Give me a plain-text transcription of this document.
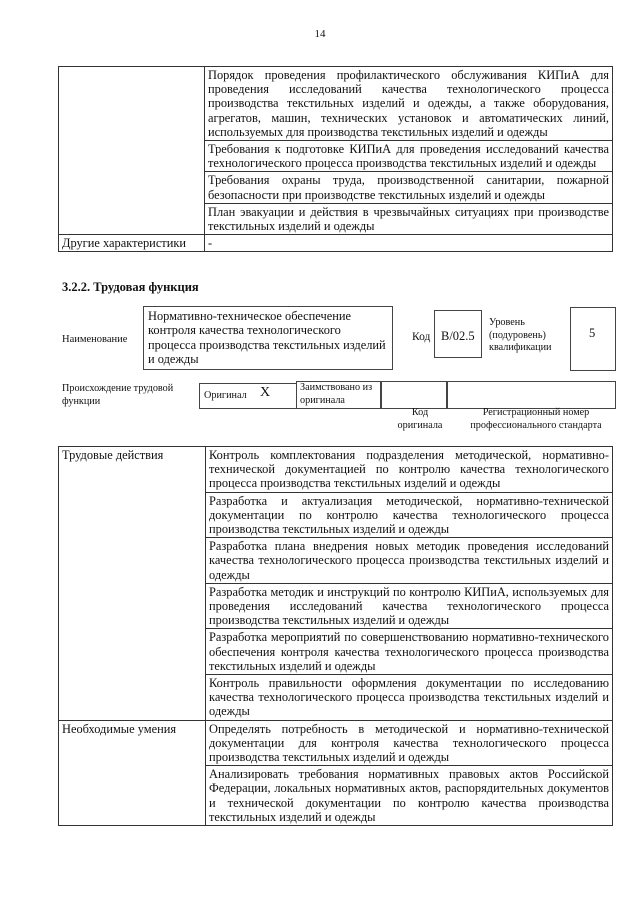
14
	Порядок проведения профилактического обслуживания КИПиА для проведения исследований качества технологического процесса производства текстильных изделий и одежды, а также оборудования, агрегатов, машин, технических установок и автоматических линий, используемых для производства текстильных изделий и одежды
	Требования к подготовке КИПиА для проведения исследований качества технологического процесса производства текстильных изделий и одежды
	Требования охраны труда, производственной санитарии, пожарной безопасности при производстве текстильных изделий и одежды
	План эвакуации и действия в чрезвычайных ситуациях при производстве текстильных изделий и одежды
Другие характеристики	-
3.2.2. Трудовая функция
Наименование
Нормативно-техническое обеспечение контроля качества технологического процесса производства текстильных изделий и одежды
Код B/02.5
Уровень (подуровень) квалификации
5
Происхождение трудовой функции	Оригинал X	Заимствовано из оригинала
Код оригинала
Регистрационный номер профессионального стандарта
Трудовые действия	Контроль комплектования подразделения методической, нормативно-технической документацией по контролю качества технологического процесса производства текстильных изделий и одежды
	Разработка и актуализация методической, нормативно-технической документации по контролю качества технологического процесса производства текстильных изделий и одежды
	Разработка плана внедрения новых методик проведения исследований качества технологического процесса производства текстильных изделий и одежды
	Разработка методик и инструкций по контролю КИПиА, используемых для проведения исследований качества технологического процесса производства текстильных изделий и одежды
	Разработка мероприятий по совершенствованию нормативно-технического обеспечения контроля качества технологического процесса производства текстильных изделий и одежды
	Контроль правильности оформления документации по исследованию качества технологического процесса производства текстильных изделий и одежды
Необходимые умения	Определять потребность в методической и нормативно-технической документации для контроля качества технологического процесса производства текстильных изделий и одежды
	Анализировать требования нормативных правовых актов Российской Федерации, локальных нормативных актов, распорядительных документов и технической документации по контролю качества производства текстильных изделий и одежды
